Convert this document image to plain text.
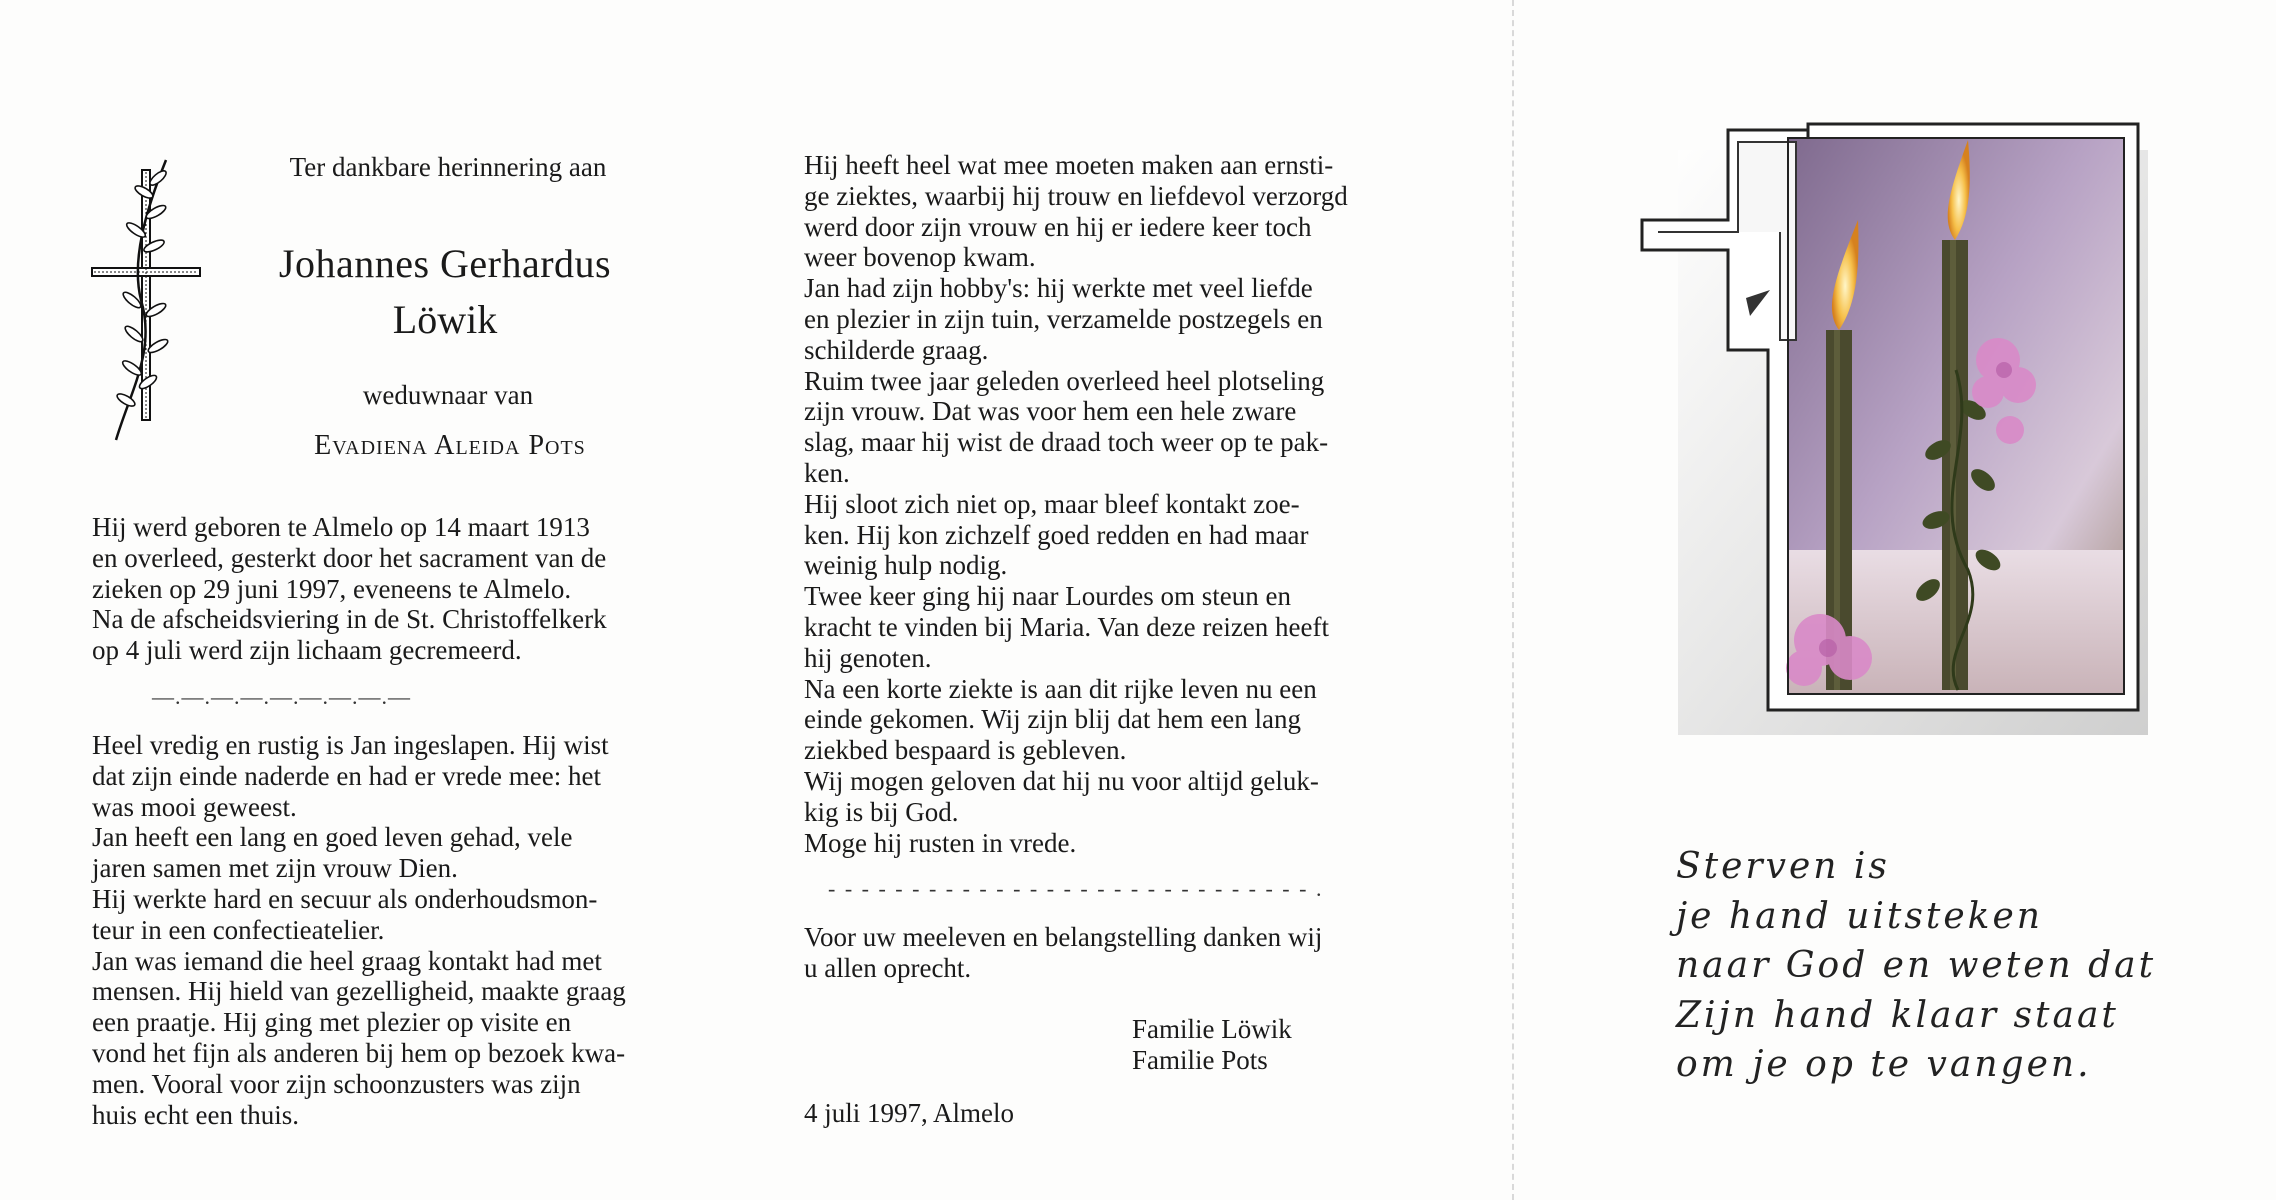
Ter dankbare herinnering aan
Johannes Gerhardus
Löwik
weduwnaar van
Evadiena Aleida Pots
Hij werd geboren te Almelo op 14 maart 1913
en overleed, gesterkt door het sacrament van de
zieken op 29 juni 1997, eveneens te Almelo.
Na de afscheidsviering in de St. Christoffelkerk
op 4 juli werd zijn lichaam gecremeerd.
—.—.—.—.—.—.—.—.—
Heel vredig en rustig is Jan ingeslapen. Hij wist
dat zijn einde naderde en had er vrede mee: het
was mooi geweest.
Jan heeft een lang en goed leven gehad, vele
jaren samen met zijn vrouw Dien.
Hij werkte hard en secuur als onderhoudsmon-
teur in een confectieatelier.
Jan was iemand die heel graag kontakt had met
mensen. Hij hield van gezelligheid, maakte graag
een praatje. Hij ging met plezier op visite en
vond het fijn als anderen bij hem op bezoek kwa-
men. Vooral voor zijn schoonzusters was zijn
huis echt een thuis.
Hij heeft heel wat mee moeten maken aan ernsti-
ge ziektes, waarbij hij trouw en liefdevol verzorgd
werd door zijn vrouw en hij er iedere keer toch
weer bovenop kwam.
Jan had zijn hobby's: hij werkte met veel liefde
en plezier in zijn tuin, verzamelde postzegels en
schilderde graag.
Ruim twee jaar geleden overleed heel plotseling
zijn vrouw. Dat was voor hem een hele zware
slag, maar hij wist de draad toch weer op te pak-
ken.
Hij sloot zich niet op, maar bleef kontakt zoe-
ken. Hij kon zichzelf goed redden en had maar
weinig hulp nodig.
Twee keer ging hij naar Lourdes om steun en
kracht te vinden bij Maria. Van deze reizen heeft
hij genoten.
Na een korte ziekte is aan dit rijke leven nu een
einde gekomen. Wij zijn blij dat hem een lang
ziekbed bespaard is gebleven.
Wij mogen geloven dat hij nu voor altijd geluk-
kig is bij God.
Moge hij rusten in vrede.
- - - - - - - - - - - - - - - - - - - - - - - - - - - - - .
Voor uw meeleven en belangstelling danken wij
u allen oprecht.
Familie Löwik
Familie Pots
4 juli 1997, Almelo
Sterven is
je hand uitsteken
naar God en weten dat
Zijn hand klaar staat
om je op te vangen.
